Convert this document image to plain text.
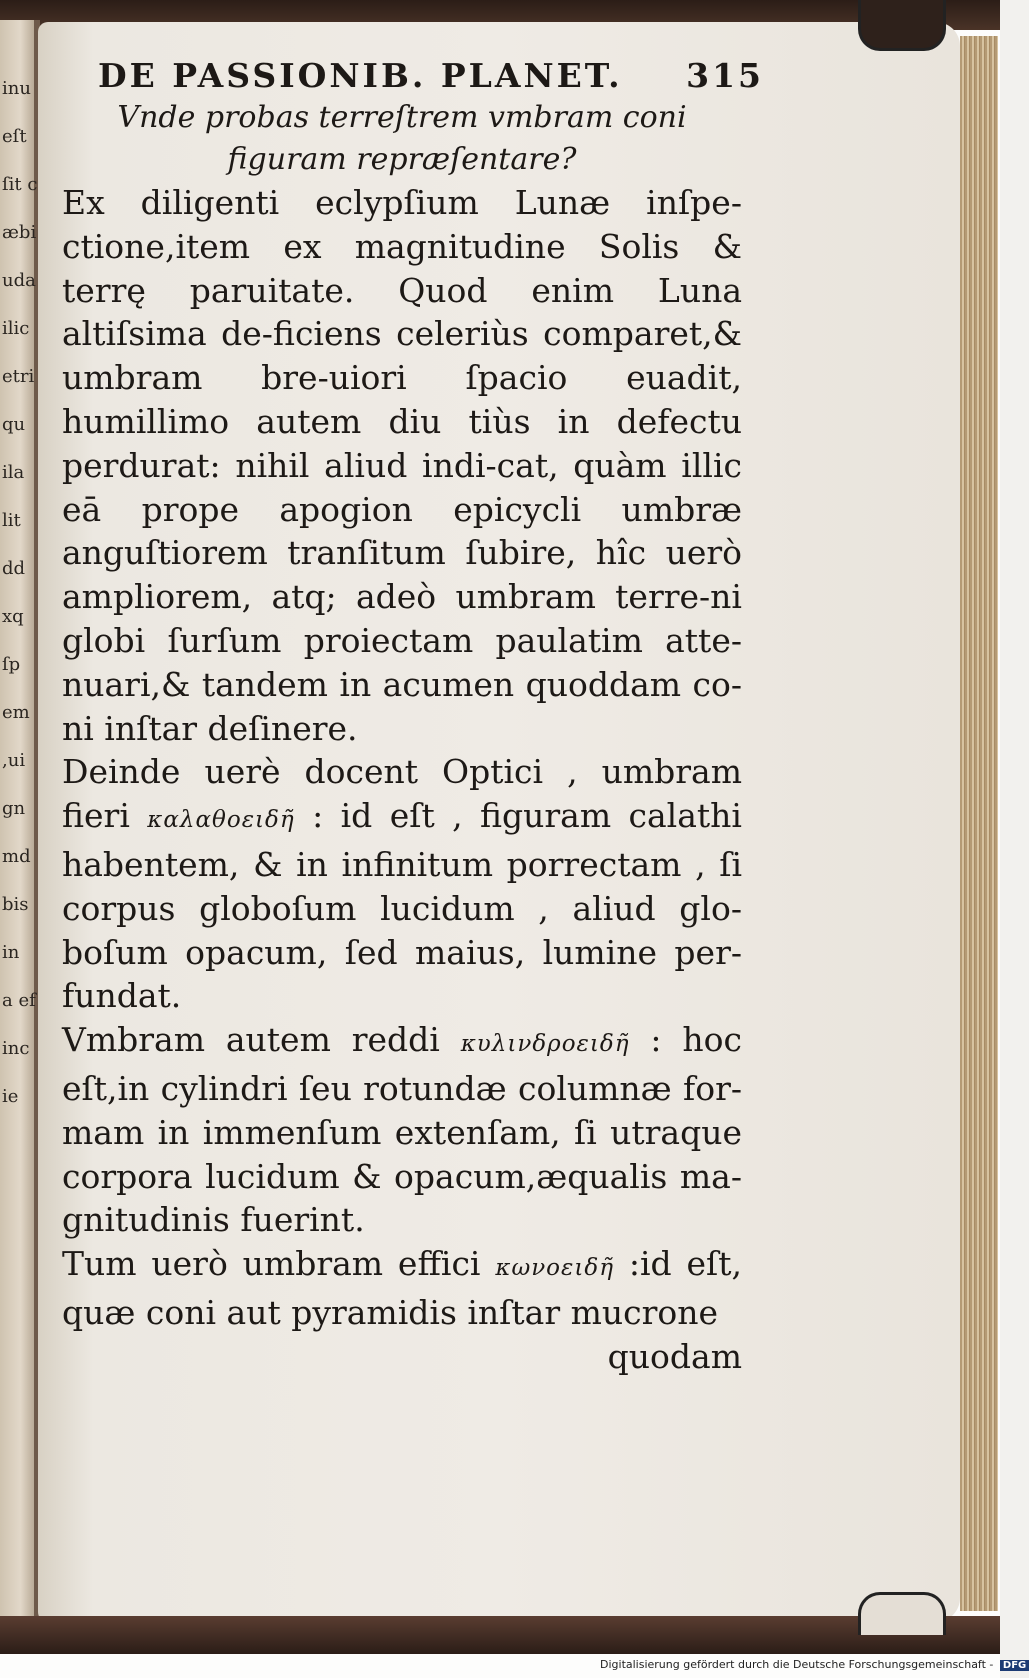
inu
eſt
ſit c
æbi
uda
ilic
etri
qu
ila
lit
dd
xq
ſp
em
,ui
gn
md
bis
in
a ef
inc
ie
DE PASSIONIB. PLANET. 315
Vnde probas terreſtrem vmbram coni
figuram repræſentare?

Ex diligenti eclypſium Lunæ inſpe-ctione,item ex magnitudine Solis & terrę paruitate. Quod enim Luna altiſsima de-ficiens celeriùs comparet,& umbram bre-uiori ſpacio euadit, humillimo autem diu tiùs in defectu perdurat: nihil aliud indi-cat, quàm illic eā prope apogion epicycli umbræ anguſtiorem tranſitum ſubire, hîc uerò ampliorem, atq; adeò umbram terre-ni globi ſurſum proiectam paulatim atte-nuari,& tandem in acumen quoddam co-ni inſtar deſinere.

Deinde uerè docent Optici , umbram fieri καλαθοειδῆ : id eſt , figuram calathi habentem, & in infinitum porrectam , ſi corpus globoſum lucidum , aliud glo-boſum opacum, ſed maius, lumine per-fundat.

Vmbram autem reddi κυλινδροειδῆ : hoc eſt,in cylindri ſeu rotundæ columnæ for-mam in immenſum extenſam, ſi utraque corpora lucidum & opacum,æqualis ma-gnitudinis fuerint.

Tum uerò umbram effici κωνοειδῆ :id eſt, quæ coni aut pyramidis inſtar mucrone

quodam
Digitalisierung gefördert durch die Deutsche Forschungsgemeinschaft - DFG
